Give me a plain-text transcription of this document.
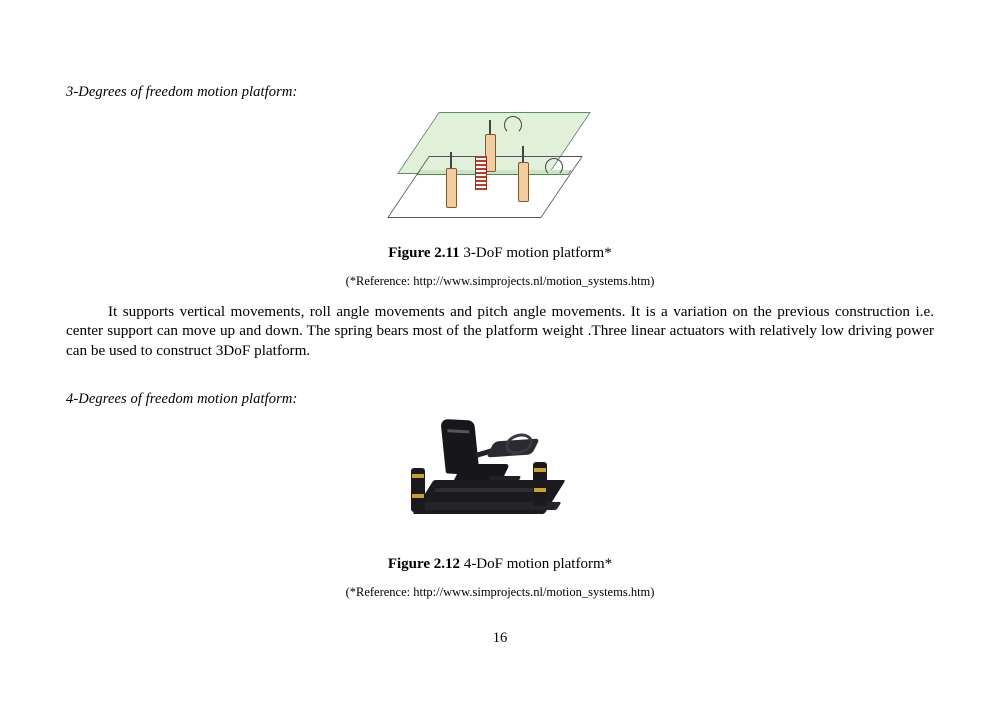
3-Degrees of freedom motion platform:

Figure 2.11 3-DoF motion platform*

(*Reference: http://www.simprojects.nl/motion_systems.htm)

It supports vertical movements, roll angle movements and pitch angle movements. It is a variation on the previous construction i.e. center support can move up and down. The spring bears most of the platform weight .Three linear actuators with relatively low driving power can be used to construct 3DoF platform.
4-Degrees of freedom motion platform:

Figure 2.12 4-DoF motion platform*

(*Reference: http://www.simprojects.nl/motion_systems.htm)

16
